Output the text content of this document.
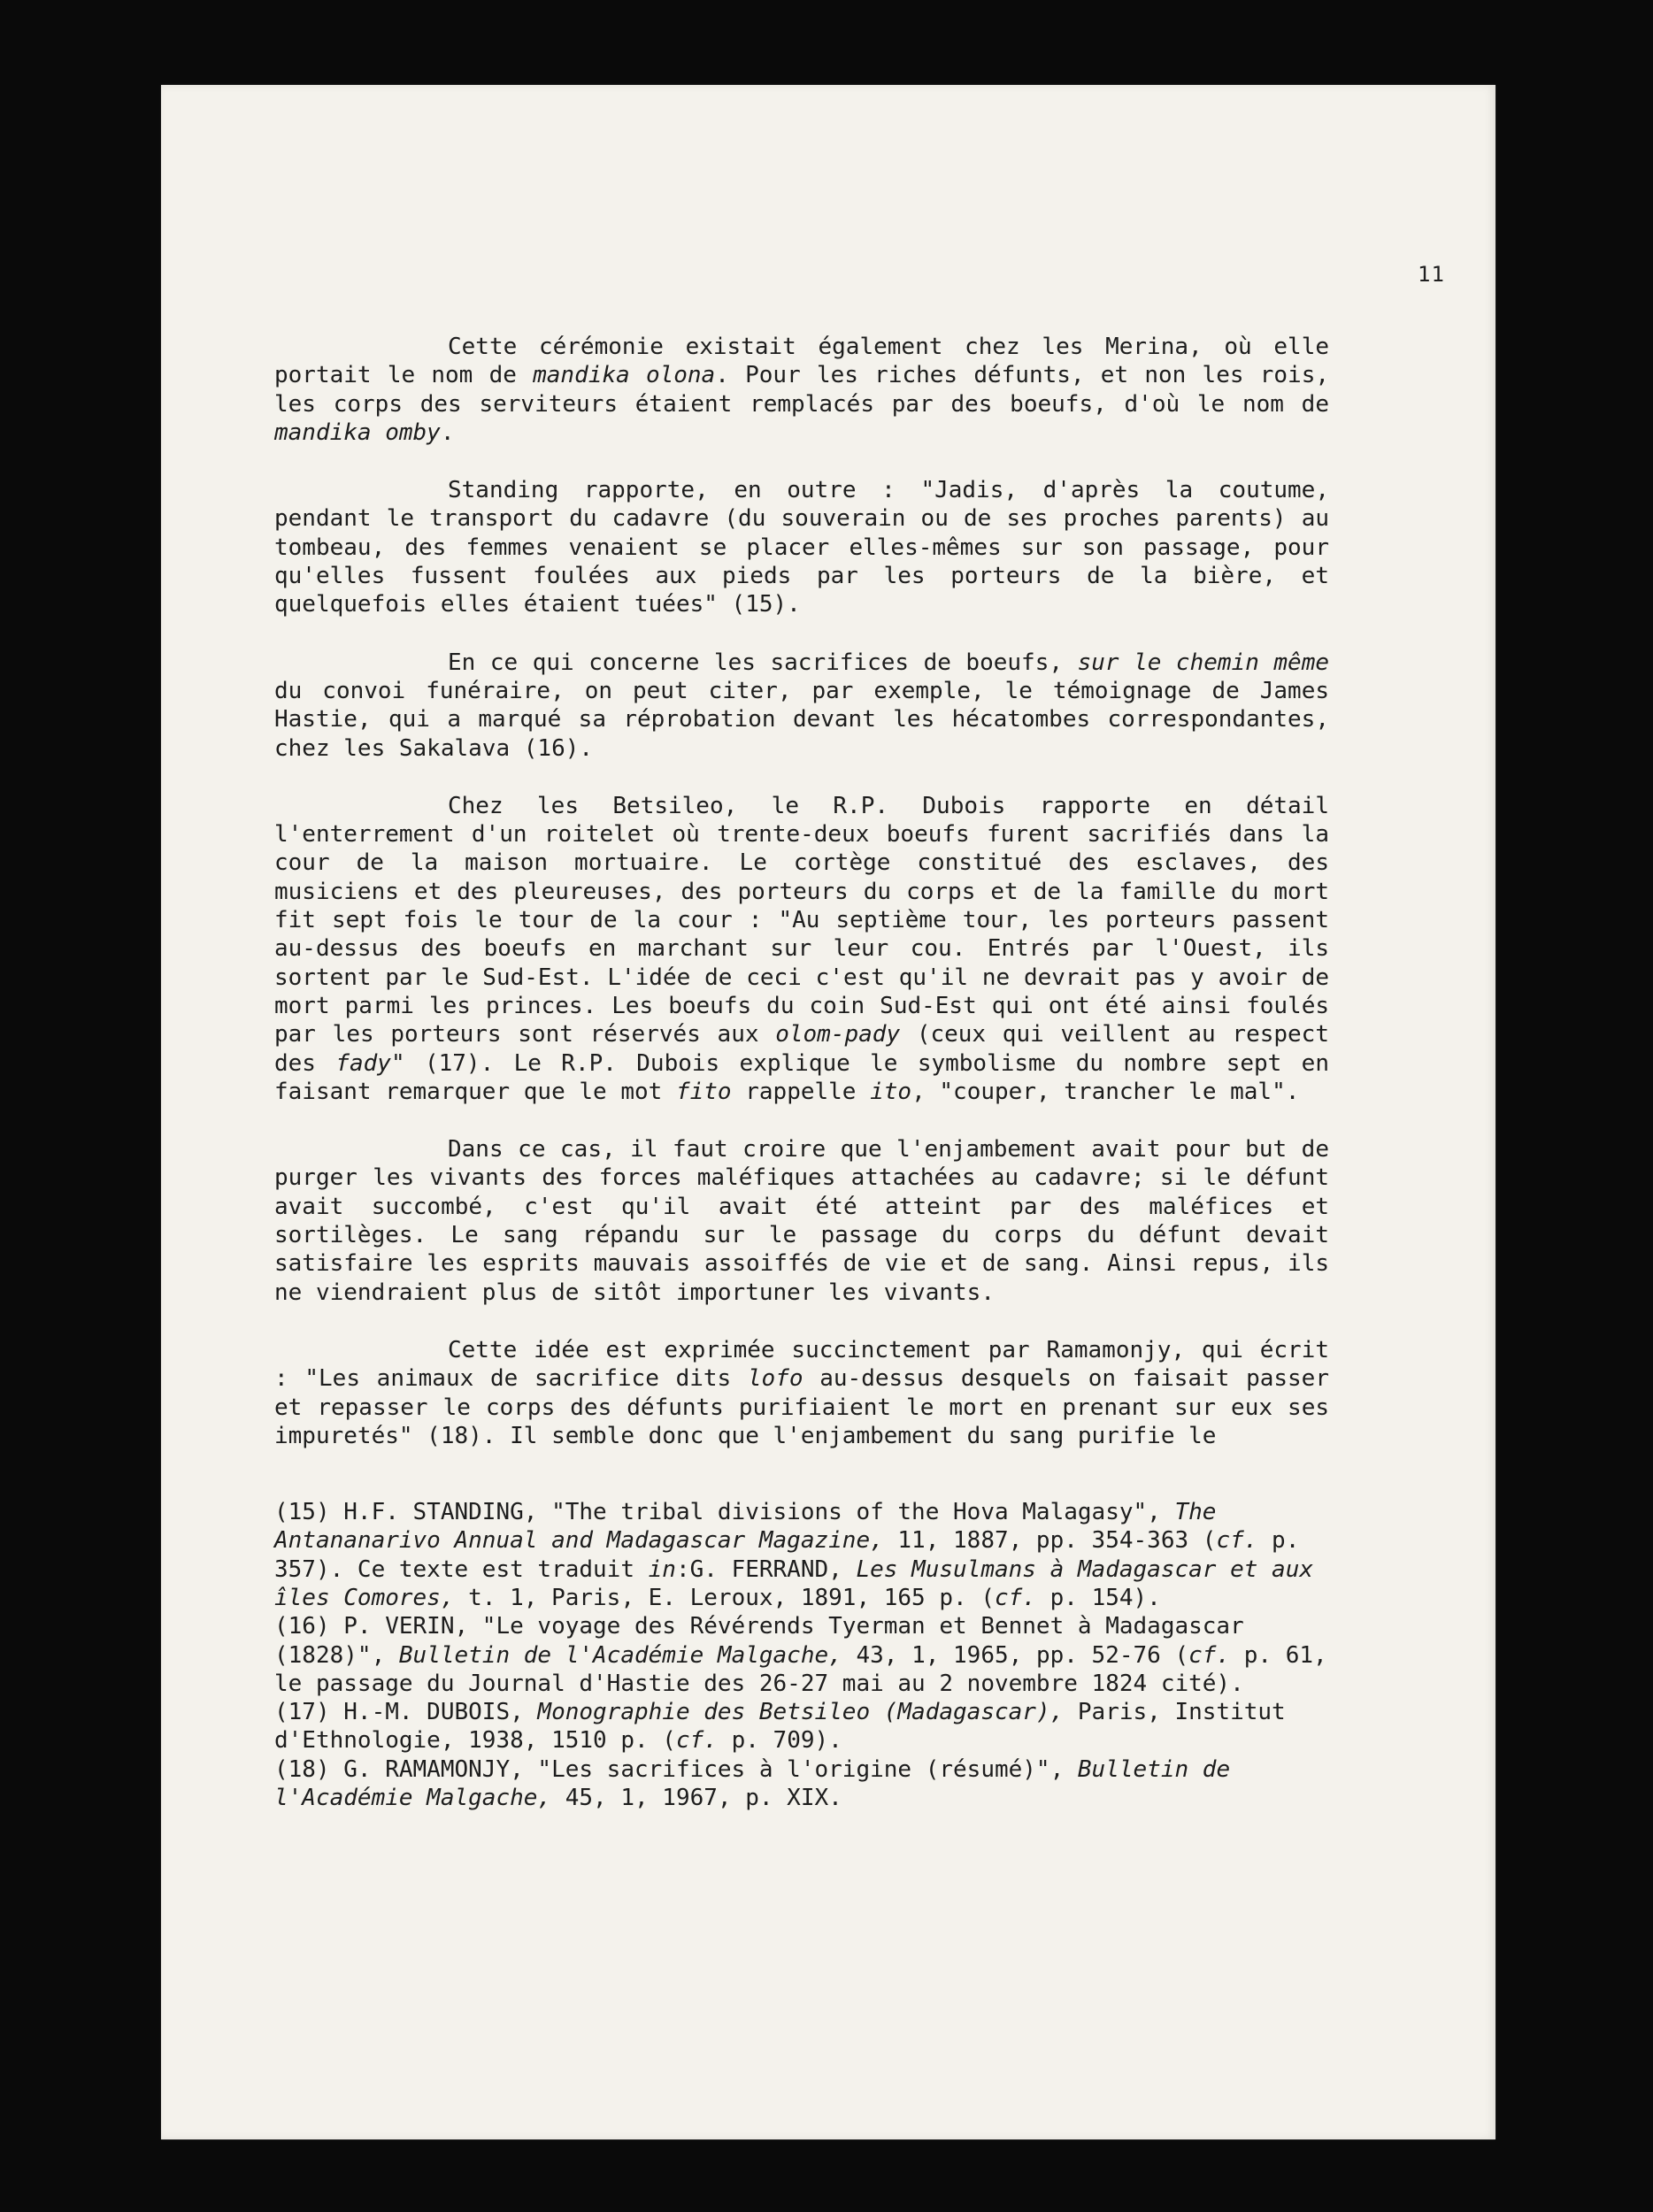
11

Cette cérémonie existait également chez les Merina, où elle portait le nom de mandika olona. Pour les riches défunts, et non les rois, les corps des serviteurs étaient remplacés par des boeufs, d'où le nom de mandika omby.

Standing rapporte, en outre : "Jadis, d'après la coutume, pendant le transport du cadavre (du souverain ou de ses proches parents) au tombeau, des femmes venaient se placer elles-mêmes sur son passage, pour qu'elles fussent foulées aux pieds par les porteurs de la bière, et quelquefois elles étaient tuées" (15).

En ce qui concerne les sacrifices de boeufs, sur le chemin même du convoi funéraire, on peut citer, par exemple, le témoignage de James Hastie, qui a marqué sa réprobation devant les hécatombes correspondantes, chez les Sakalava (16).

Chez les Betsileo, le R.P. Dubois rapporte en détail l'enterrement d'un roitelet où trente-deux boeufs furent sacrifiés dans la cour de la maison mortuaire. Le cortège constitué des esclaves, des musiciens et des pleureuses, des porteurs du corps et de la famille du mort fit sept fois le tour de la cour : "Au septième tour, les porteurs passent au-dessus des boeufs en marchant sur leur cou. Entrés par l'Ouest, ils sortent par le Sud-Est. L'idée de ceci c'est qu'il ne devrait pas y avoir de mort parmi les princes. Les boeufs du coin Sud-Est qui ont été ainsi foulés par les porteurs sont réservés aux olom-pady (ceux qui veillent au respect des fady" (17). Le R.P. Dubois explique le symbolisme du nombre sept en faisant remarquer que le mot fito rappelle ito, "couper, trancher le mal".

Dans ce cas, il faut croire que l'enjambement avait pour but de purger les vivants des forces maléfiques attachées au cadavre; si le défunt avait succombé, c'est qu'il avait été atteint par des maléfices et sortilèges. Le sang répandu sur le passage du corps du défunt devait satisfaire les esprits mauvais assoiffés de vie et de sang. Ainsi repus, ils ne viendraient plus de sitôt importuner les vivants.

Cette idée est exprimée succinctement par Ramamonjy, qui écrit : "Les animaux de sacrifice dits lofo au-dessus desquels on faisait passer et repasser le corps des défunts purifiaient le mort en prenant sur eux ses impuretés" (18). Il semble donc que l'enjambement du sang purifie le

(15) H.F. STANDING, "The tribal divisions of the Hova Malagasy", The Antananarivo Annual and Madagascar Magazine, 11, 1887, pp. 354-363 (cf. p. 357). Ce texte est traduit in:G. FERRAND, Les Musulmans à Madagascar et aux îles Comores, t. 1, Paris, E. Leroux, 1891, 165 p. (cf. p. 154).

(16) P. VERIN, "Le voyage des Révérends Tyerman et Bennet à Madagascar (1828)", Bulletin de l'Académie Malgache, 43, 1, 1965, pp. 52-76 (cf. p. 61, le passage du Journal d'Hastie des 26-27 mai au 2 novembre 1824 cité).

(17) H.-M. DUBOIS, Monographie des Betsileo (Madagascar), Paris, Institut d'Ethnologie, 1938, 1510 p. (cf. p. 709).

(18) G. RAMAMONJY, "Les sacrifices à l'origine (résumé)", Bulletin de l'Académie Malgache, 45, 1, 1967, p. XIX.
